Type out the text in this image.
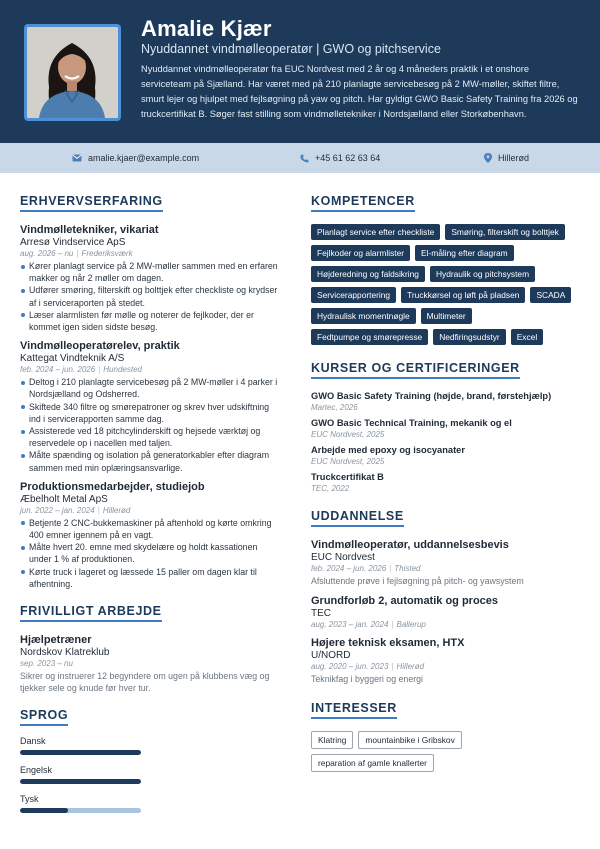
Amalie Kjær
Nyuddannet vindmølleoperatør | GWO og pitchservice
Nyuddannet vindmølleoperatør fra EUC Nordvest med 2 år og 4 måneders praktik i et onshore serviceteam på Sjælland. Har været med på 210 planlagte servicebesøg på 2 MW-møller, skiftet filtre, smurt lejer og hjulpet med fejlsøgning på yaw og pitch. Har gyldigt GWO Basic Safety Training fra 2026 og truckcertifikat B. Søger fast stilling som vindmølletekniker i Nordsjælland eller Storkøbenhavn.
amalie.kjaer@example.com	+45 61 62 63 64	Hillerød
ERHVERVSERFARING
Vindmølletekniker, vikariat
Arresø Vindservice ApS
aug. 2026 – nu | Frederiksværk
Kører planlagt service på 2 MW-møller sammen med en erfaren makker og når 2 møller om dagen.
Udfører smøring, filterskift og bolttjek efter checkliste og krydser af i serviceraporten på stedet.
Læser alarmlisten før mølle og noterer de fejlkoder, der er kommet igen siden sidste besøg.
Vindmølleoperatørelev, praktik
Kattegat Vindteknik A/S
feb. 2024 – jun. 2026 | Hundested
Deltog i 210 planlagte servicebesøg på 2 MW-møller i 4 parker i Nordsjælland og Odsherred.
Skiftede 340 filtre og smørepatroner og skrev hver udskiftning ind i servicerapporten samme dag.
Assisterede ved 18 pitchcylinderskift og hejsede værktøj og reservedele op i nacellen med taljen.
Målte spænding og isolation på generatorkabler efter diagram sammen med min oplæringsansvarlige.
Produktionsmedarbejder, studiejob
Æbelholt Metal ApS
jun. 2022 – jan. 2024 | Hillerød
Betjente 2 CNC-bukkemaskiner på aftenhold og kørte omkring 400 emner igennem på en vagt.
Målte hvert 20. emne med skydelære og holdt kassationen under 1 % af produktionen.
Kørte truck i lageret og læssede 15 paller om dagen klar til afhentning.
FRIVILLIGT ARBEJDE
Hjælpetræner
Nordskov Klatreklub
sep. 2023 – nu
Sikrer og instruerer 12 begyndere om ugen på klubbens væg og tjekker sele og knude før hver tur.
SPROG
Dansk
Engelsk
Tysk
KOMPETENCER
Planlagt service efter checkliste	Smøring, filterskift og bolttjek
Fejlkoder og alarmlister	El-måling efter diagram
Højderedning og faldsikring	Hydraulik og pitchsystem
Servicerapportering	Truckkørsel og løft på pladsen	SCADA
Hydraulisk momentnøgle	Multimeter
Fedtpumpe og smørepresse	Nedfiringsudstyr	Excel
KURSER OG CERTIFICERINGER
GWO Basic Safety Training (højde, brand, førstehjælp)
Martec, 2026
GWO Basic Technical Training, mekanik og el
EUC Nordvest, 2025
Arbejde med epoxy og isocyanater
EUC Nordvest, 2025
Truckcertifikat B
TEC, 2022
UDDANNELSE
Vindmølleoperatør, uddannelsesbevis
EUC Nordvest
feb. 2024 – jun. 2026 | Thisted
Afsluttende prøve i fejlsøgning på pitch- og yawsystem
Grundforløb 2, automatik og proces
TEC
aug. 2023 – jan. 2024 | Ballerup
Højere teknisk eksamen, HTX
U/NORD
aug. 2020 – jun. 2023 | Hillerød
Teknikfag i byggeri og energi
INTERESSER
Klatring	mountainbike i Gribskov
reparation af gamle knallerter
